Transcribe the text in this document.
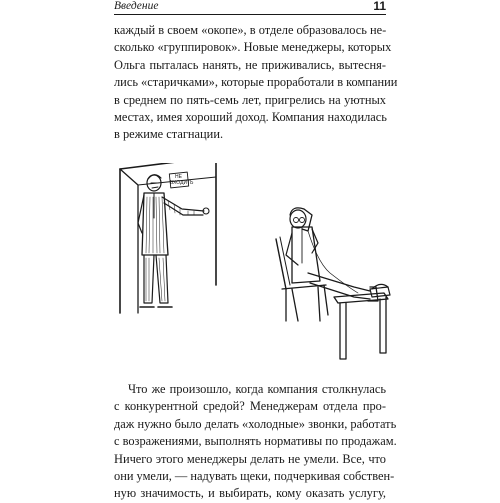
Введение	11

каждый в своем «окопе», в отделе образовалось не-
сколько «группировок». Новые менеджеры, которых
Ольга пыталась нанять, не приживались, вытесня-
лись «старичками», которые проработали в компании
в среднем по пять-семь лет, пригрелись на уютных
местах, имея хороший доход. Компания находилась
в режиме стагнации.

НЕ
ВХОДИТЬ

Что же произошло, когда компания столкнулась
с конкурентной средой? Менеджерам отдела про-
даж нужно было делать «холодные» звонки, работать
с возражениями, выполнять нормативы по продажам.
Ничего этого менеджеры делать не умели. Все, что
они умели, — надувать щеки, подчеркивая собствен-
ную значимость, и выбирать, кому оказать услугу,
